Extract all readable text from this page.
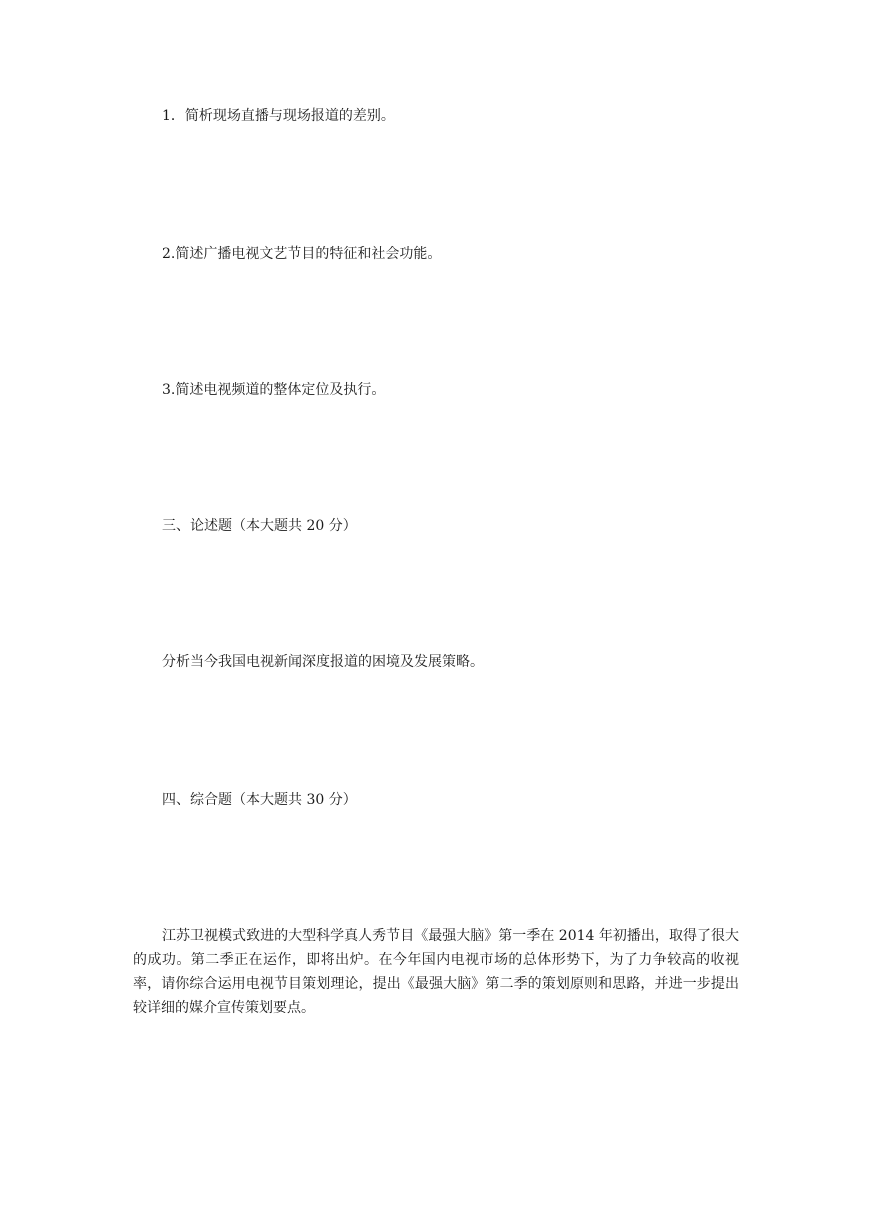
1．简析现场直播与现场报道的差别。

2.简述广播电视文艺节目的特征和社会功能。

3.简述电视频道的整体定位及执行。

三、论述题（本大题共 20 分）

分析当今我国电视新闻深度报道的困境及发展策略。

四、综合题（本大题共 30 分）

江苏卫视模式致进的大型科学真人秀节目《最强大脑》第一季在 2014 年初播出，取得了很大的成功。第二季正在运作，即将出炉。在今年国内电视市场的总体形势下，为了力争较高的收视率，请你综合运用电视节目策划理论，提出《最强大脑》第二季的策划原则和思路，并进一步提出较详细的媒介宣传策划要点。
